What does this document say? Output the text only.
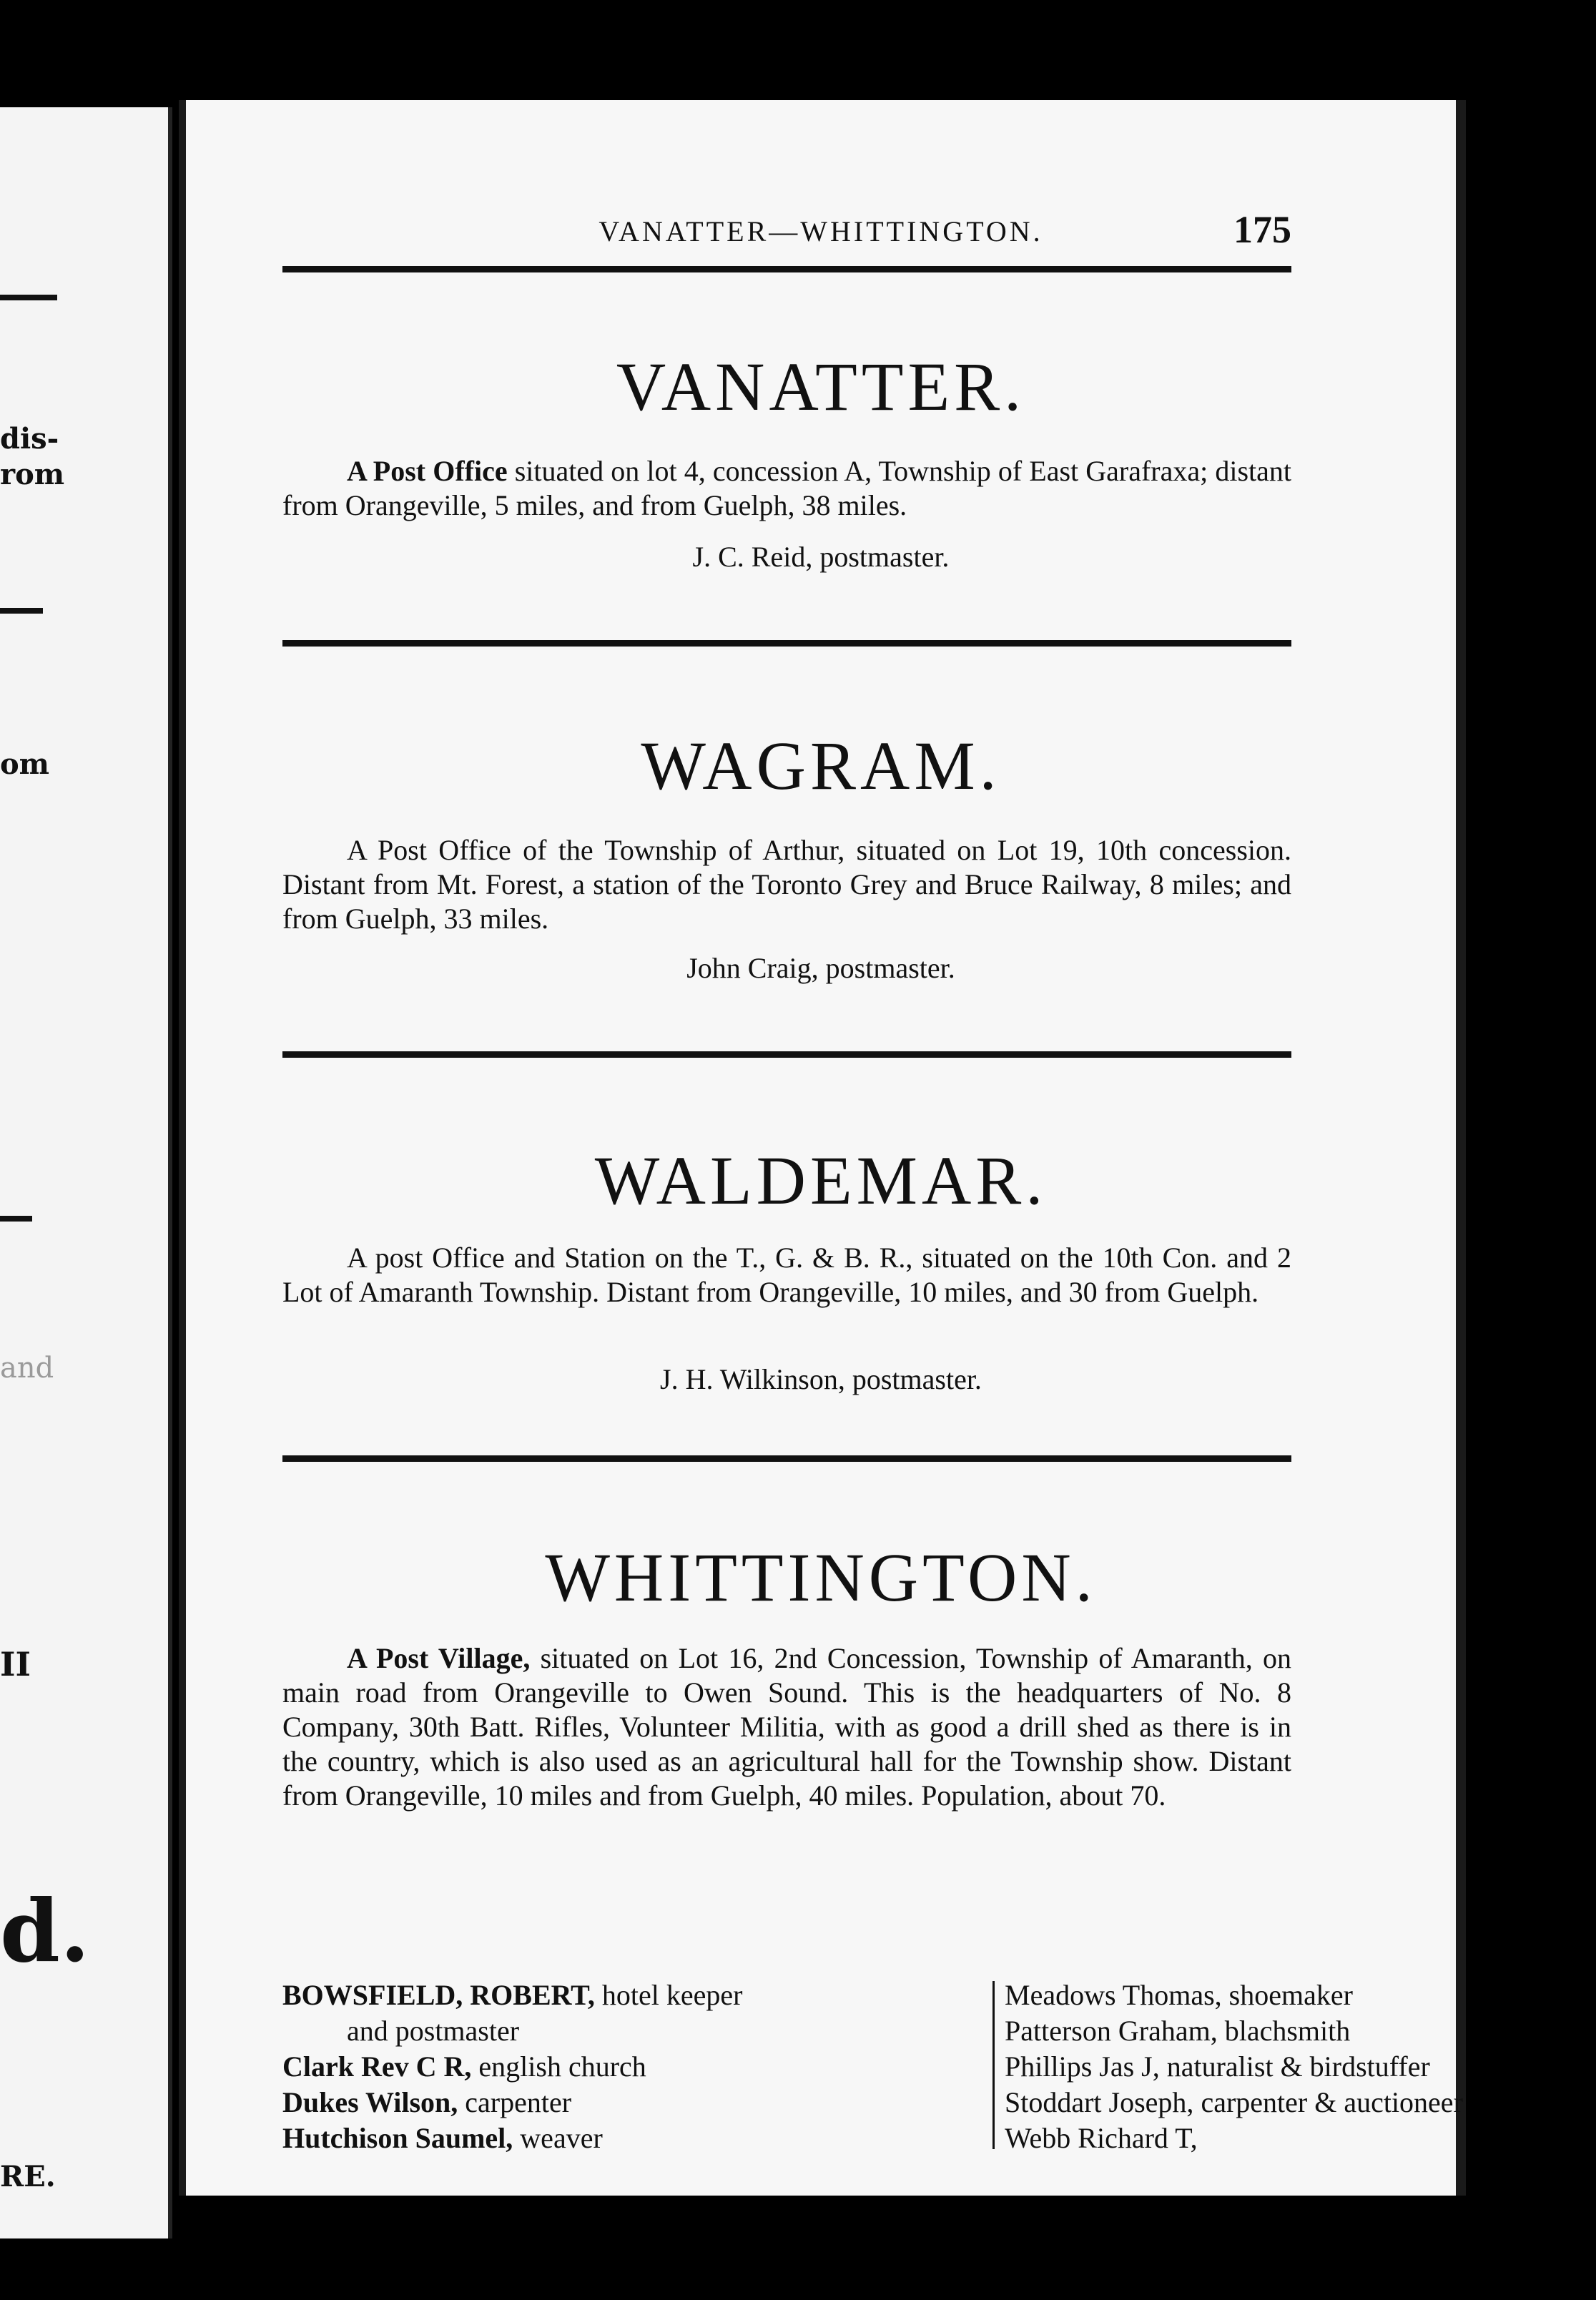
dis-
rom
om
and
ΙΙ
d.
RE.
VANATTER—WHITTINGTON.	175
VANATTER.
A Post Office situated on lot 4, concession A, Township of East Garafraxa; distant from Orangeville, 5 miles, and from Guelph, 38 miles.
J. C. Reid, postmaster.
WAGRAM.
A Post Office of the Township of Arthur, situated on Lot 19, 10th concession. Distant from Mt. Forest, a station of the Toronto Grey and Bruce Railway, 8 miles; and from Guelph, 33 miles.
John Craig, postmaster.
WALDEMAR.
A post Office and Station on the T., G. & B. R., situated on the 10th Con. and 2 Lot of Amaranth Township. Distant from Orangeville, 10 miles, and 30 from Guelph.
J. H. Wilkinson, postmaster.
WHITTINGTON.
A Post Village, situated on Lot 16, 2nd Concession, Township of Amaranth, on main road from Orangeville to Owen Sound. This is the headquarters of No. 8 Company, 30th Batt. Rifles, Volunteer Militia, with as good a drill shed as there is in the country, which is also used as an agricultural hall for the Township show. Distant from Orangeville, 10 miles and from Guelph, 40 miles. Population, about 70.
BOWSFIELD, ROBERT, hotel keeper
and postmaster
Clark Rev C R, english church
Dukes Wilson, carpenter
Hutchison Saumel, weaver
Meadows Thomas, shoemaker
Patterson Graham, blachsmith
Phillips Jas J, naturalist & birdstuffer
Stoddart Joseph, carpenter & auctioneer
Webb Richard T,
